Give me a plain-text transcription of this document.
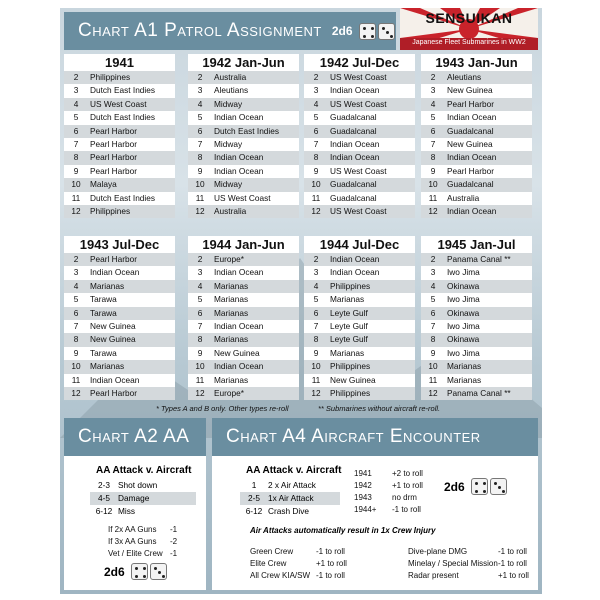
Chart A1 Patrol Assignment 2d6
SENSUIKAN
Japanese Fleet Submarines in WW2
1941
2	Philippines
3	Dutch East Indies
4	US West Coast
5	Dutch East Indies
6	Pearl Harbor
7	Pearl Harbor
8	Pearl Harbor
9	Pearl Harbor
10	Malaya
11	Dutch East Indies
12	Philippines
1942 Jan-Jun
2	Australia
3	Aleutians
4	Midway
5	Indian Ocean
6	Dutch East Indies
7	Midway
8	Indian Ocean
9	Indian Ocean
10	Midway
11	US West Coast
12	Australia
1942 Jul-Dec
2	US West Coast
3	Indian Ocean
4	US West Coast
5	Guadalcanal
6	Guadalcanal
7	Indian Ocean
8	Indian Ocean
9	US West Coast
10	Guadalcanal
11	Guadalcanal
12	US West Coast
1943 Jan-Jun
2	Aleutians
3	New Guinea
4	Pearl Harbor
5	Indian Ocean
6	Guadalcanal
7	New Guinea
8	Indian Ocean
9	Pearl Harbor
10	Guadalcanal
11	Australia
12	Indian Ocean
1943 Jul-Dec
2	Pearl Harbor
3	Indian Ocean
4	Marianas
5	Tarawa
6	Tarawa
7	New Guinea
8	New Guinea
9	Tarawa
10	Marianas
11	Indian Ocean
12	Pearl Harbor
1944 Jan-Jun
2	Europe*
3	Indian Ocean
4	Marianas
5	Marianas
6	Marianas
7	Indian Ocean
8	Marianas
9	New Guinea
10	Indian Ocean
11	Marianas
12	Europe*
1944 Jul-Dec
2	Indian Ocean
3	Indian Ocean
4	Philippines
5	Marianas
6	Leyte Gulf
7	Leyte Gulf
8	Leyte Gulf
9	Marianas
10	Philippines
11	New Guinea
12	Philippines
1945 Jan-Jul
2	Panama Canal **
3	Iwo Jima
4	Okinawa
5	Iwo Jima
6	Okinawa
7	Iwo Jima
8	Okinawa
9	Iwo Jima
10	Marianas
11	Marianas
12	Panama Canal **
* Types A and B only. Other types re-roll	** Submarines without aircraft re-roll.
Chart A2 AA
AA Attack v. Aircraft
2-3 Shot down
4-5 Damage
6-12 Miss
If 2x AA Guns	-1
If 3x AA Guns	-2
Vet / Elite Crew -1
2d6
Chart A4 Aircraft Encounter
AA Attack v. Aircraft
1	2 x Air Attack
2-5 1x Air Attack
6-12 Crash Dive
1941	+2 to roll
1942	+1 to roll
1943	no drm
1944+	-1 to roll
2d6
Air Attacks automatically result in 1x Crew Injury
Green Crew	-1 to roll
Elite Crew	+1 to roll
All Crew KIA/SW -1 to roll
Dive-plane DMG	-1 to roll
Minelay / Special Mission -1 to roll
Radar present	+1 to roll
